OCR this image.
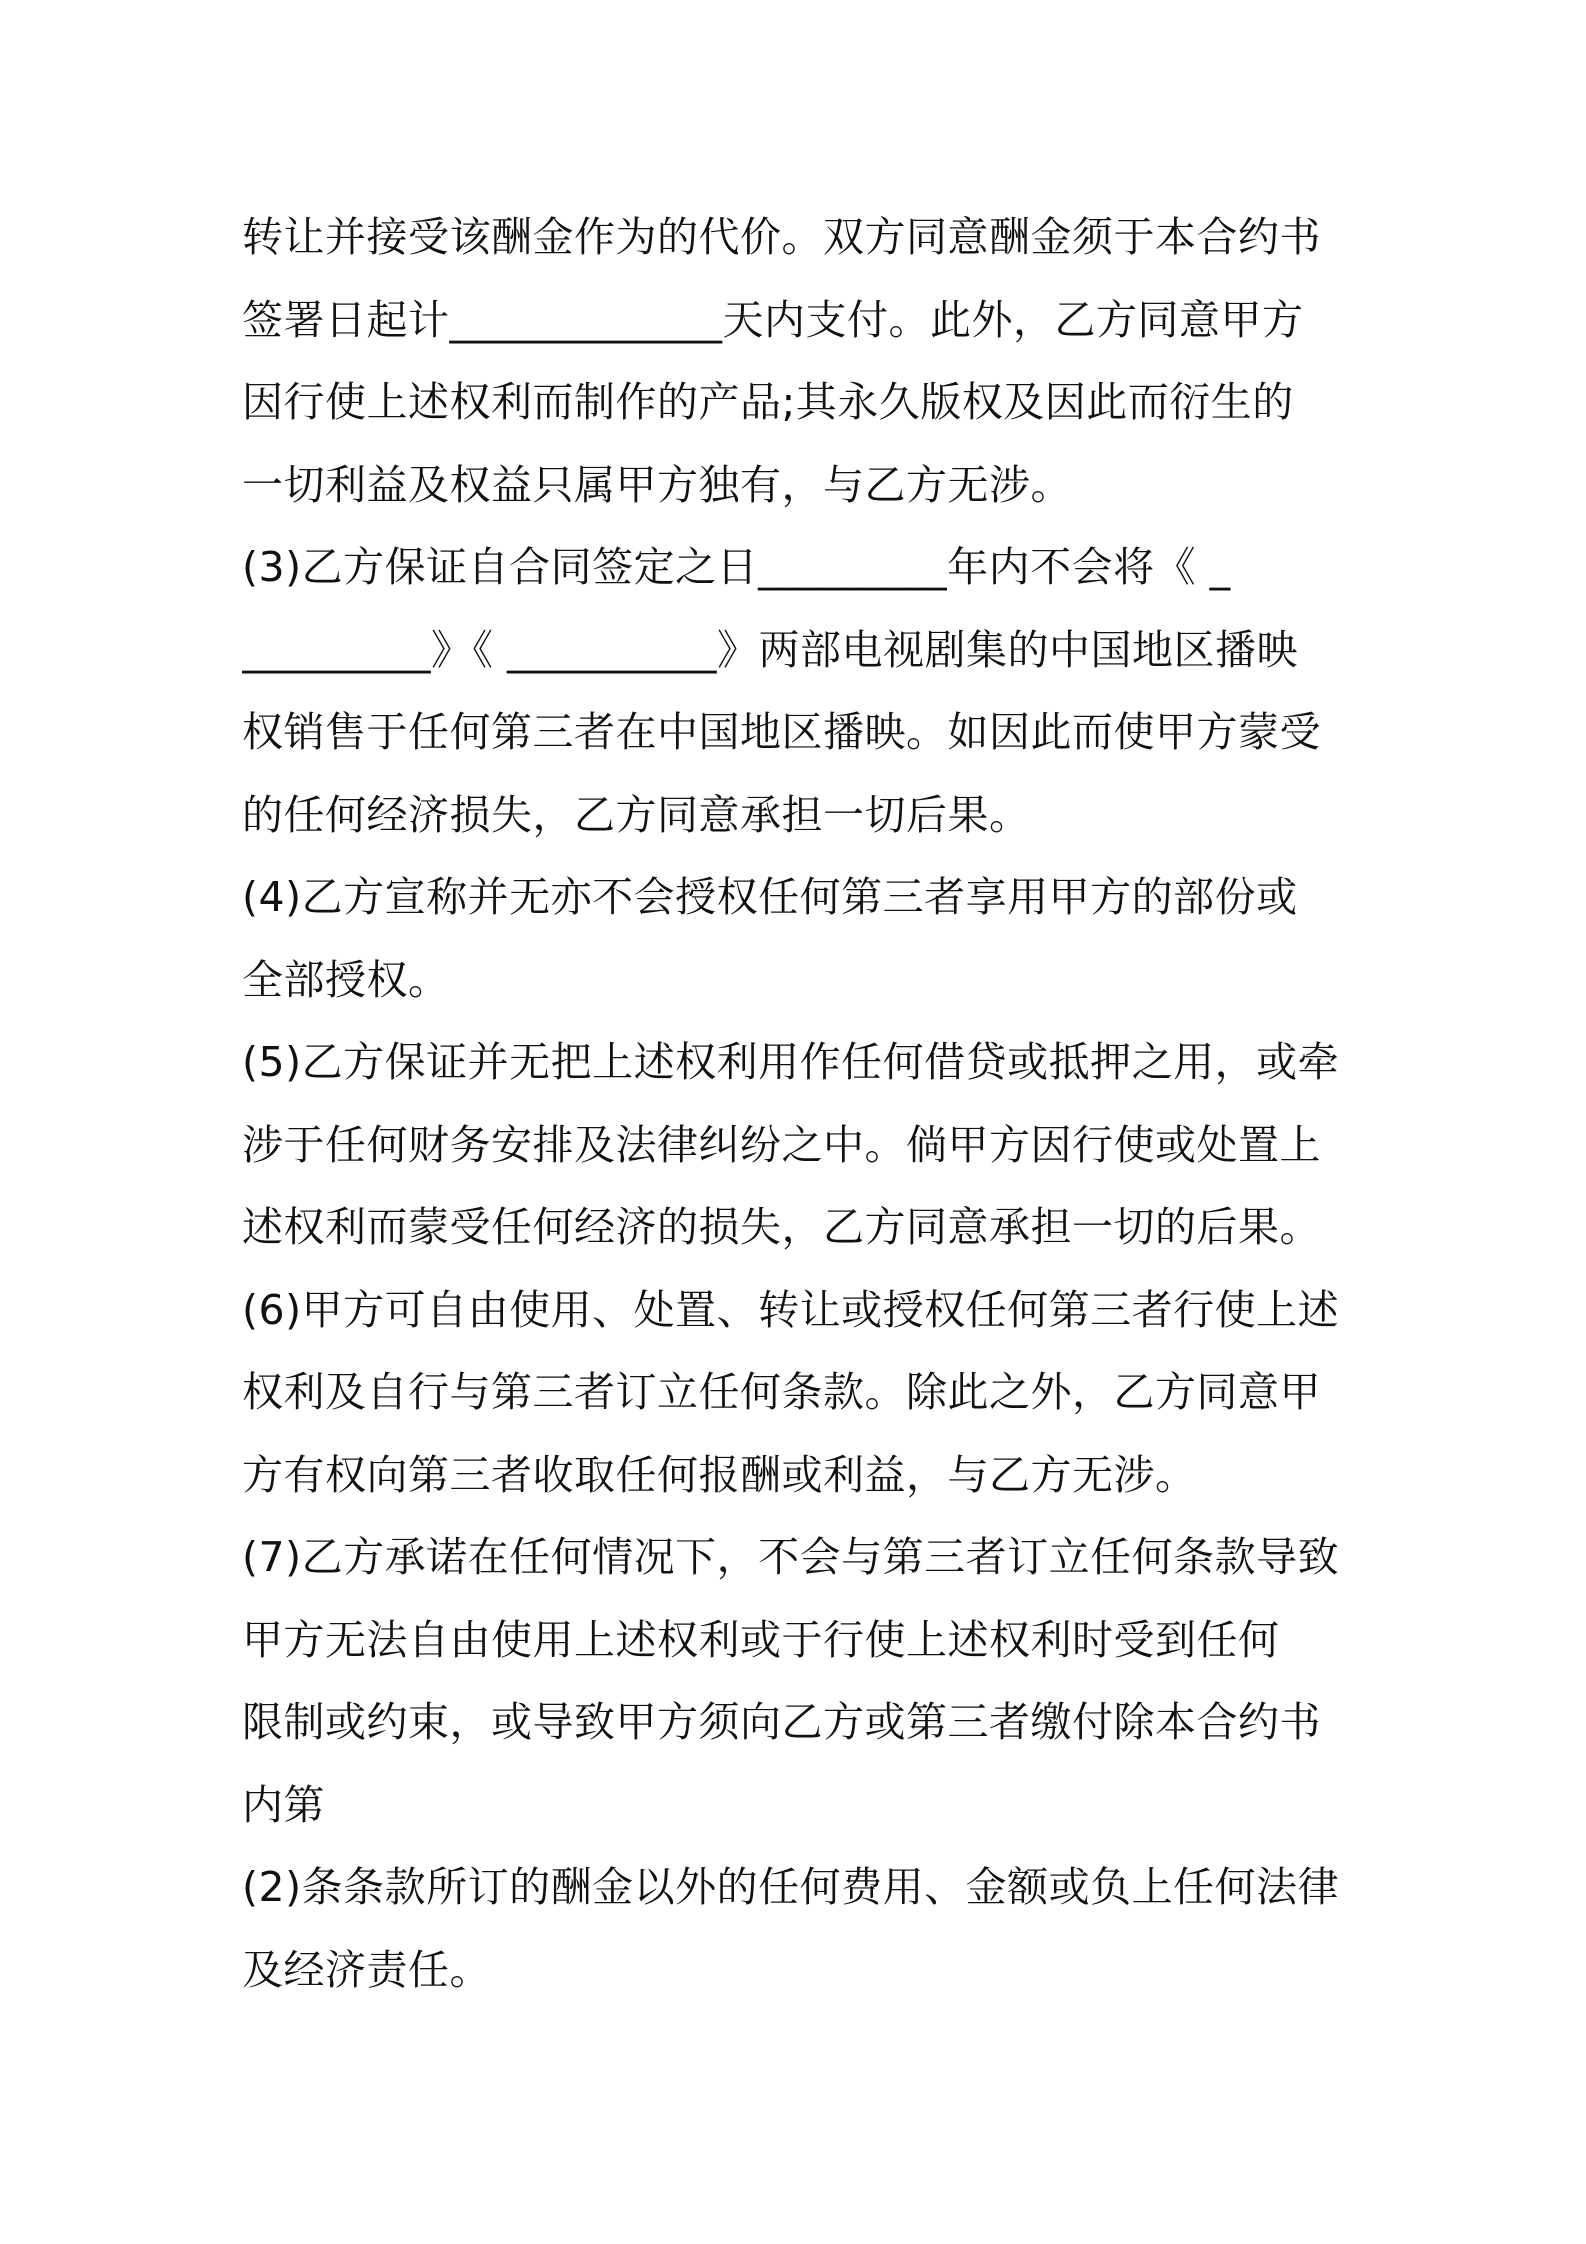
转让并接受该酬金作为的代价。双方同意酬金须于本合约书
签署日起计_____________天内支付。此外，乙方同意甲方
因行使上述权利而制作的产品;其永久版权及因此而衍生的
一切利益及权益只属甲方独有，与乙方无涉。
(3)乙方保证自合同签定之日_________年内不会将《 _
_________》《 __________》两部电视剧集的中国地区播映
权销售于任何第三者在中国地区播映。如因此而使甲方蒙受
的任何经济损失，乙方同意承担一切后果。
(4)乙方宣称并无亦不会授权任何第三者享用甲方的部份或
全部授权。
(5)乙方保证并无把上述权利用作任何借贷或抵押之用，或牵
涉于任何财务安排及法律纠纷之中。倘甲方因行使或处置上
述权利而蒙受任何经济的损失，乙方同意承担一切的后果。
(6)甲方可自由使用、处置、转让或授权任何第三者行使上述
权利及自行与第三者订立任何条款。除此之外，乙方同意甲
方有权向第三者收取任何报酬或利益，与乙方无涉。
(7)乙方承诺在任何情况下，不会与第三者订立任何条款导致
甲方无法自由使用上述权利或于行使上述权利时受到任何
限制或约束，或导致甲方须向乙方或第三者缴付除本合约书
内第
(2)条条款所订的酬金以外的任何费用、金额或负上任何法律
及经济责任。
